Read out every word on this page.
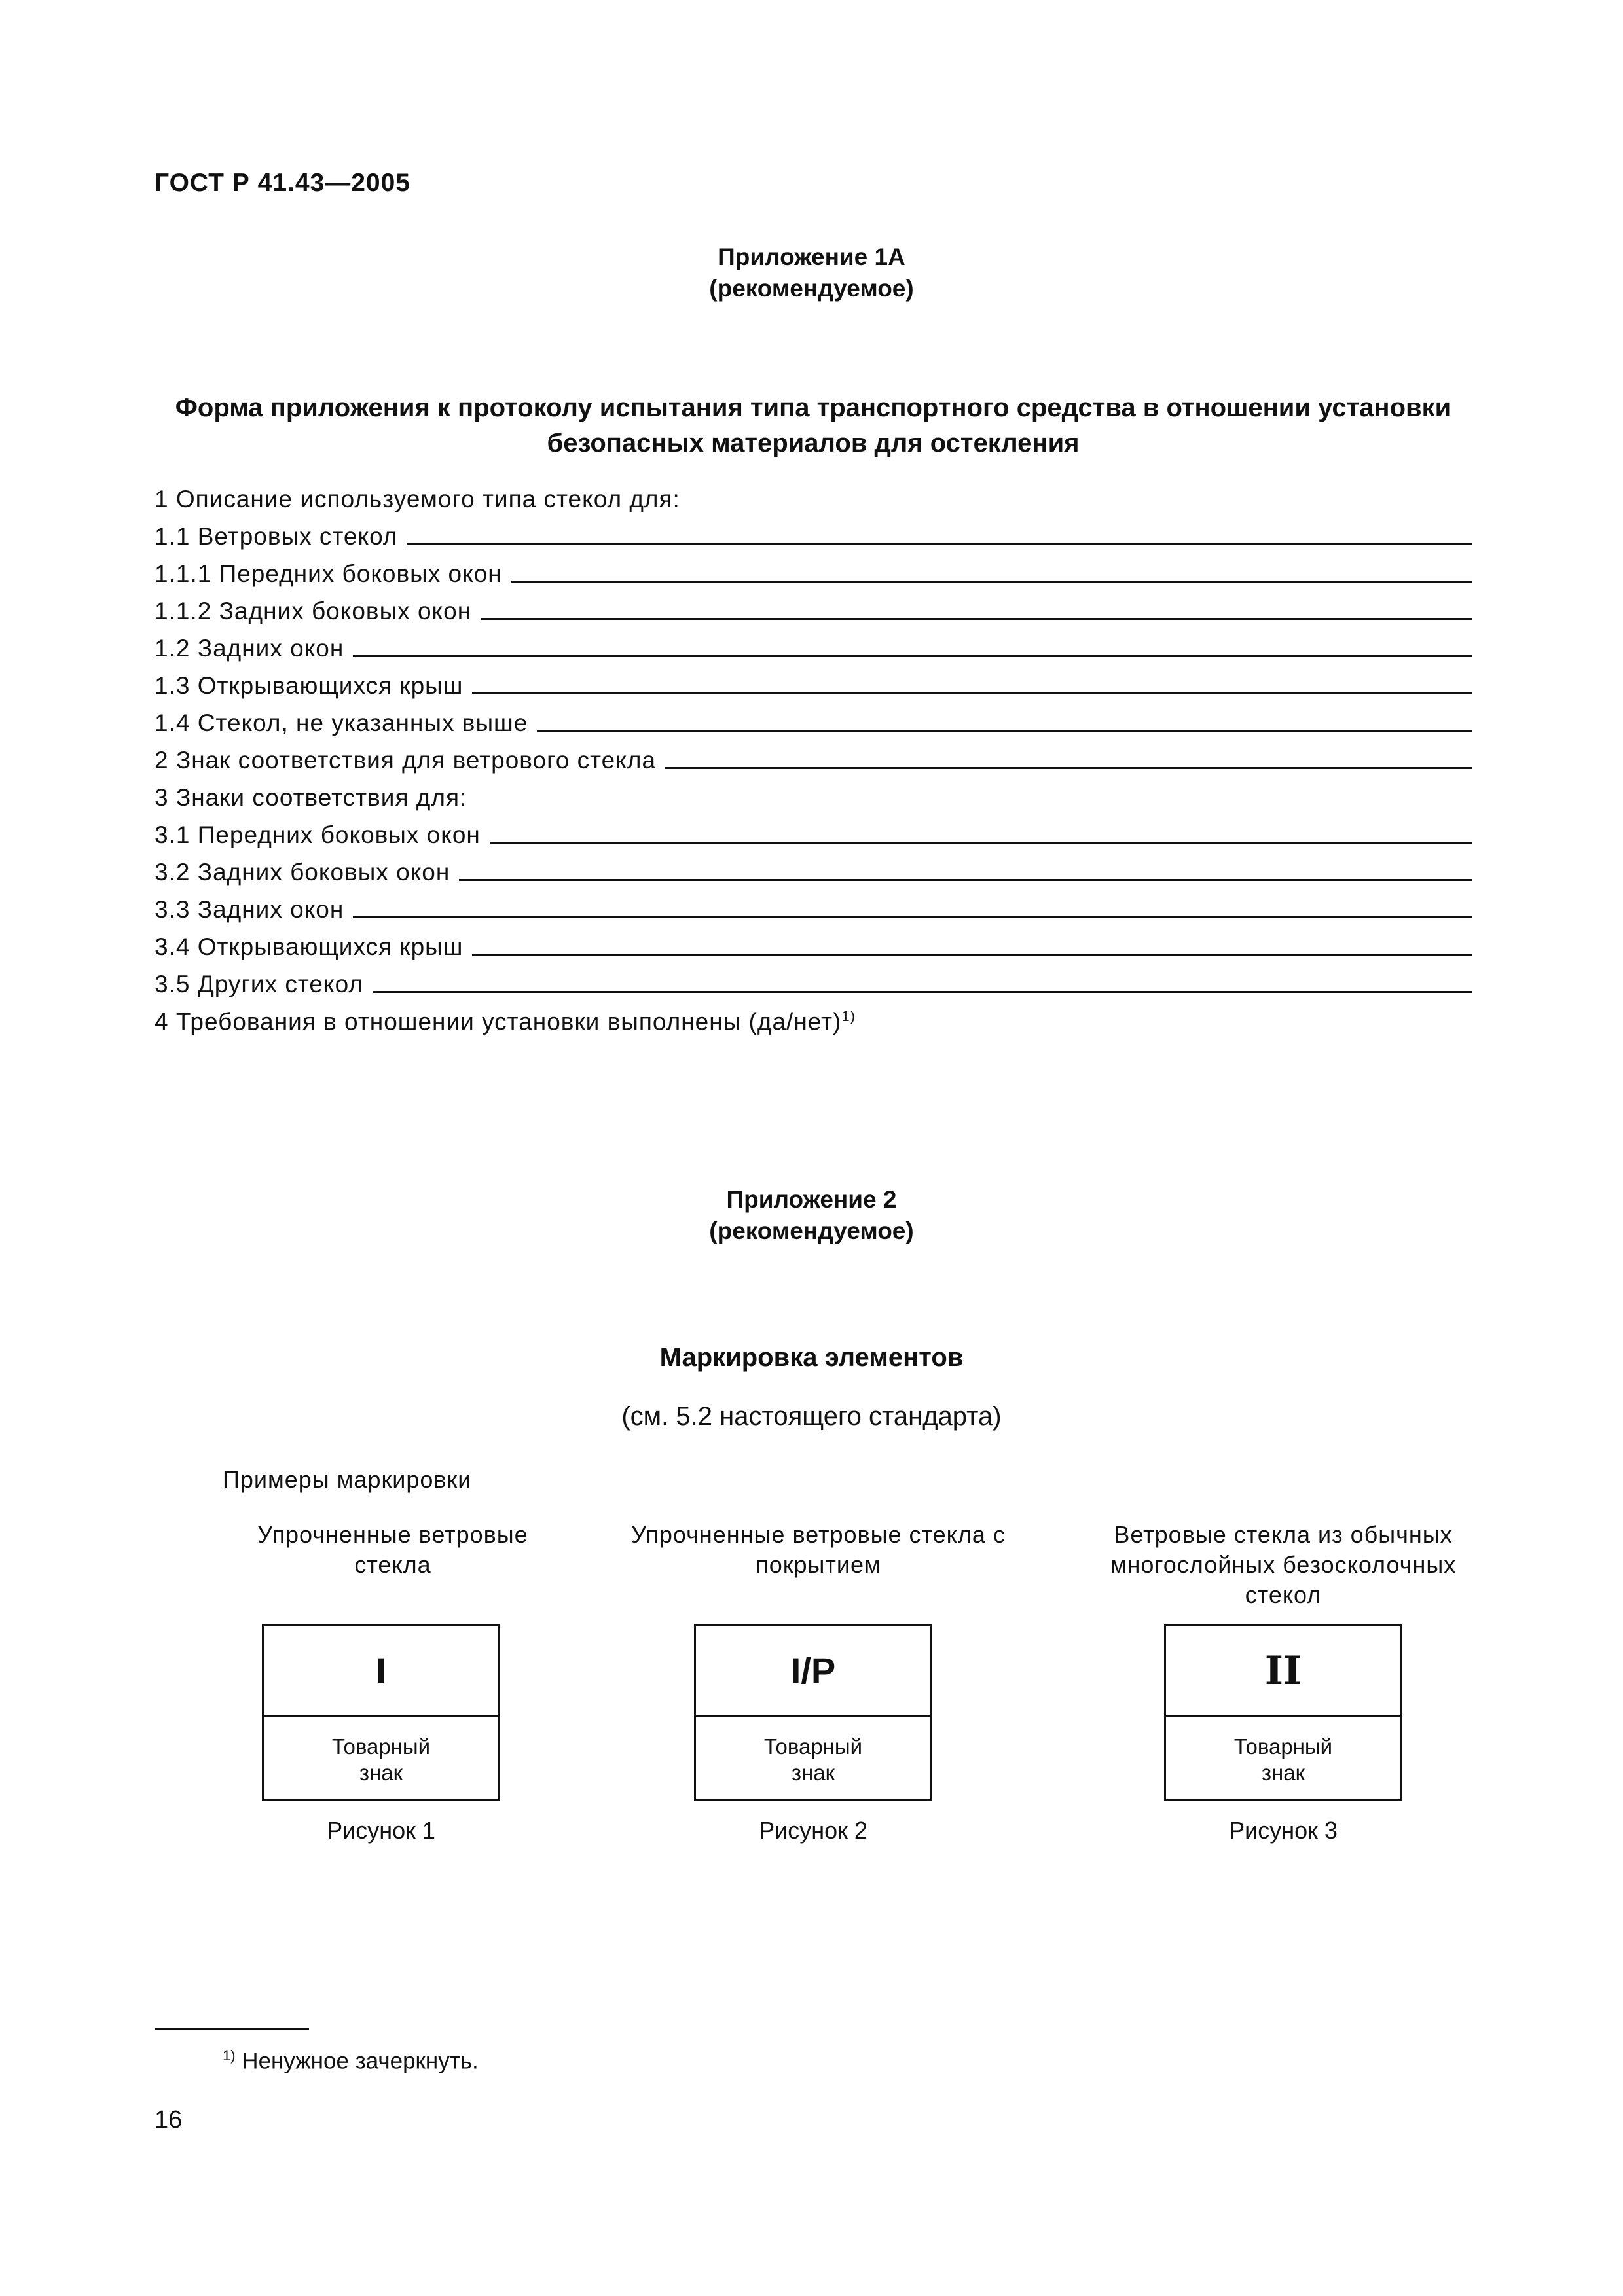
ГОСТ Р 41.43—2005
Приложение 1А
(рекомендуемое)
Форма приложения к протоколу испытания типа транспортного средства в отношении установки
безопасных материалов для остекления
1 Описание используемого типа стекол для:
1.1 Ветровых стекол
1.1.1 Передних боковых окон
1.1.2 Задних боковых окон
1.2 Задних окон
1.3 Открывающихся крыш
1.4 Стекол, не указанных выше
2 Знак соответствия для ветрового стекла
3 Знаки соответствия для:
3.1 Передних боковых окон
3.2 Задних боковых окон
3.3 Задних окон
3.4 Открывающихся крыш
3.5 Других стекол
4 Требования в отношении установки выполнены $(да/нет)^{1)}$
Приложение 2
(рекомендуемое)
Маркировка элементов
(см. 5.2 настоящего стандарта)
Примеры маркировки
Упрочненные ветровые
стекла
I
Товарный
знак
Рисунок 1
Упрочненные ветровые стекла с
покрытием
I/P
Товарный
знак
Рисунок 2
Ветровые стекла из обычных
многослойных безосколочных
стекол
II
Товарный
знак
Рисунок 3
$^{1)}$ Ненужное зачеркнуть.
16
